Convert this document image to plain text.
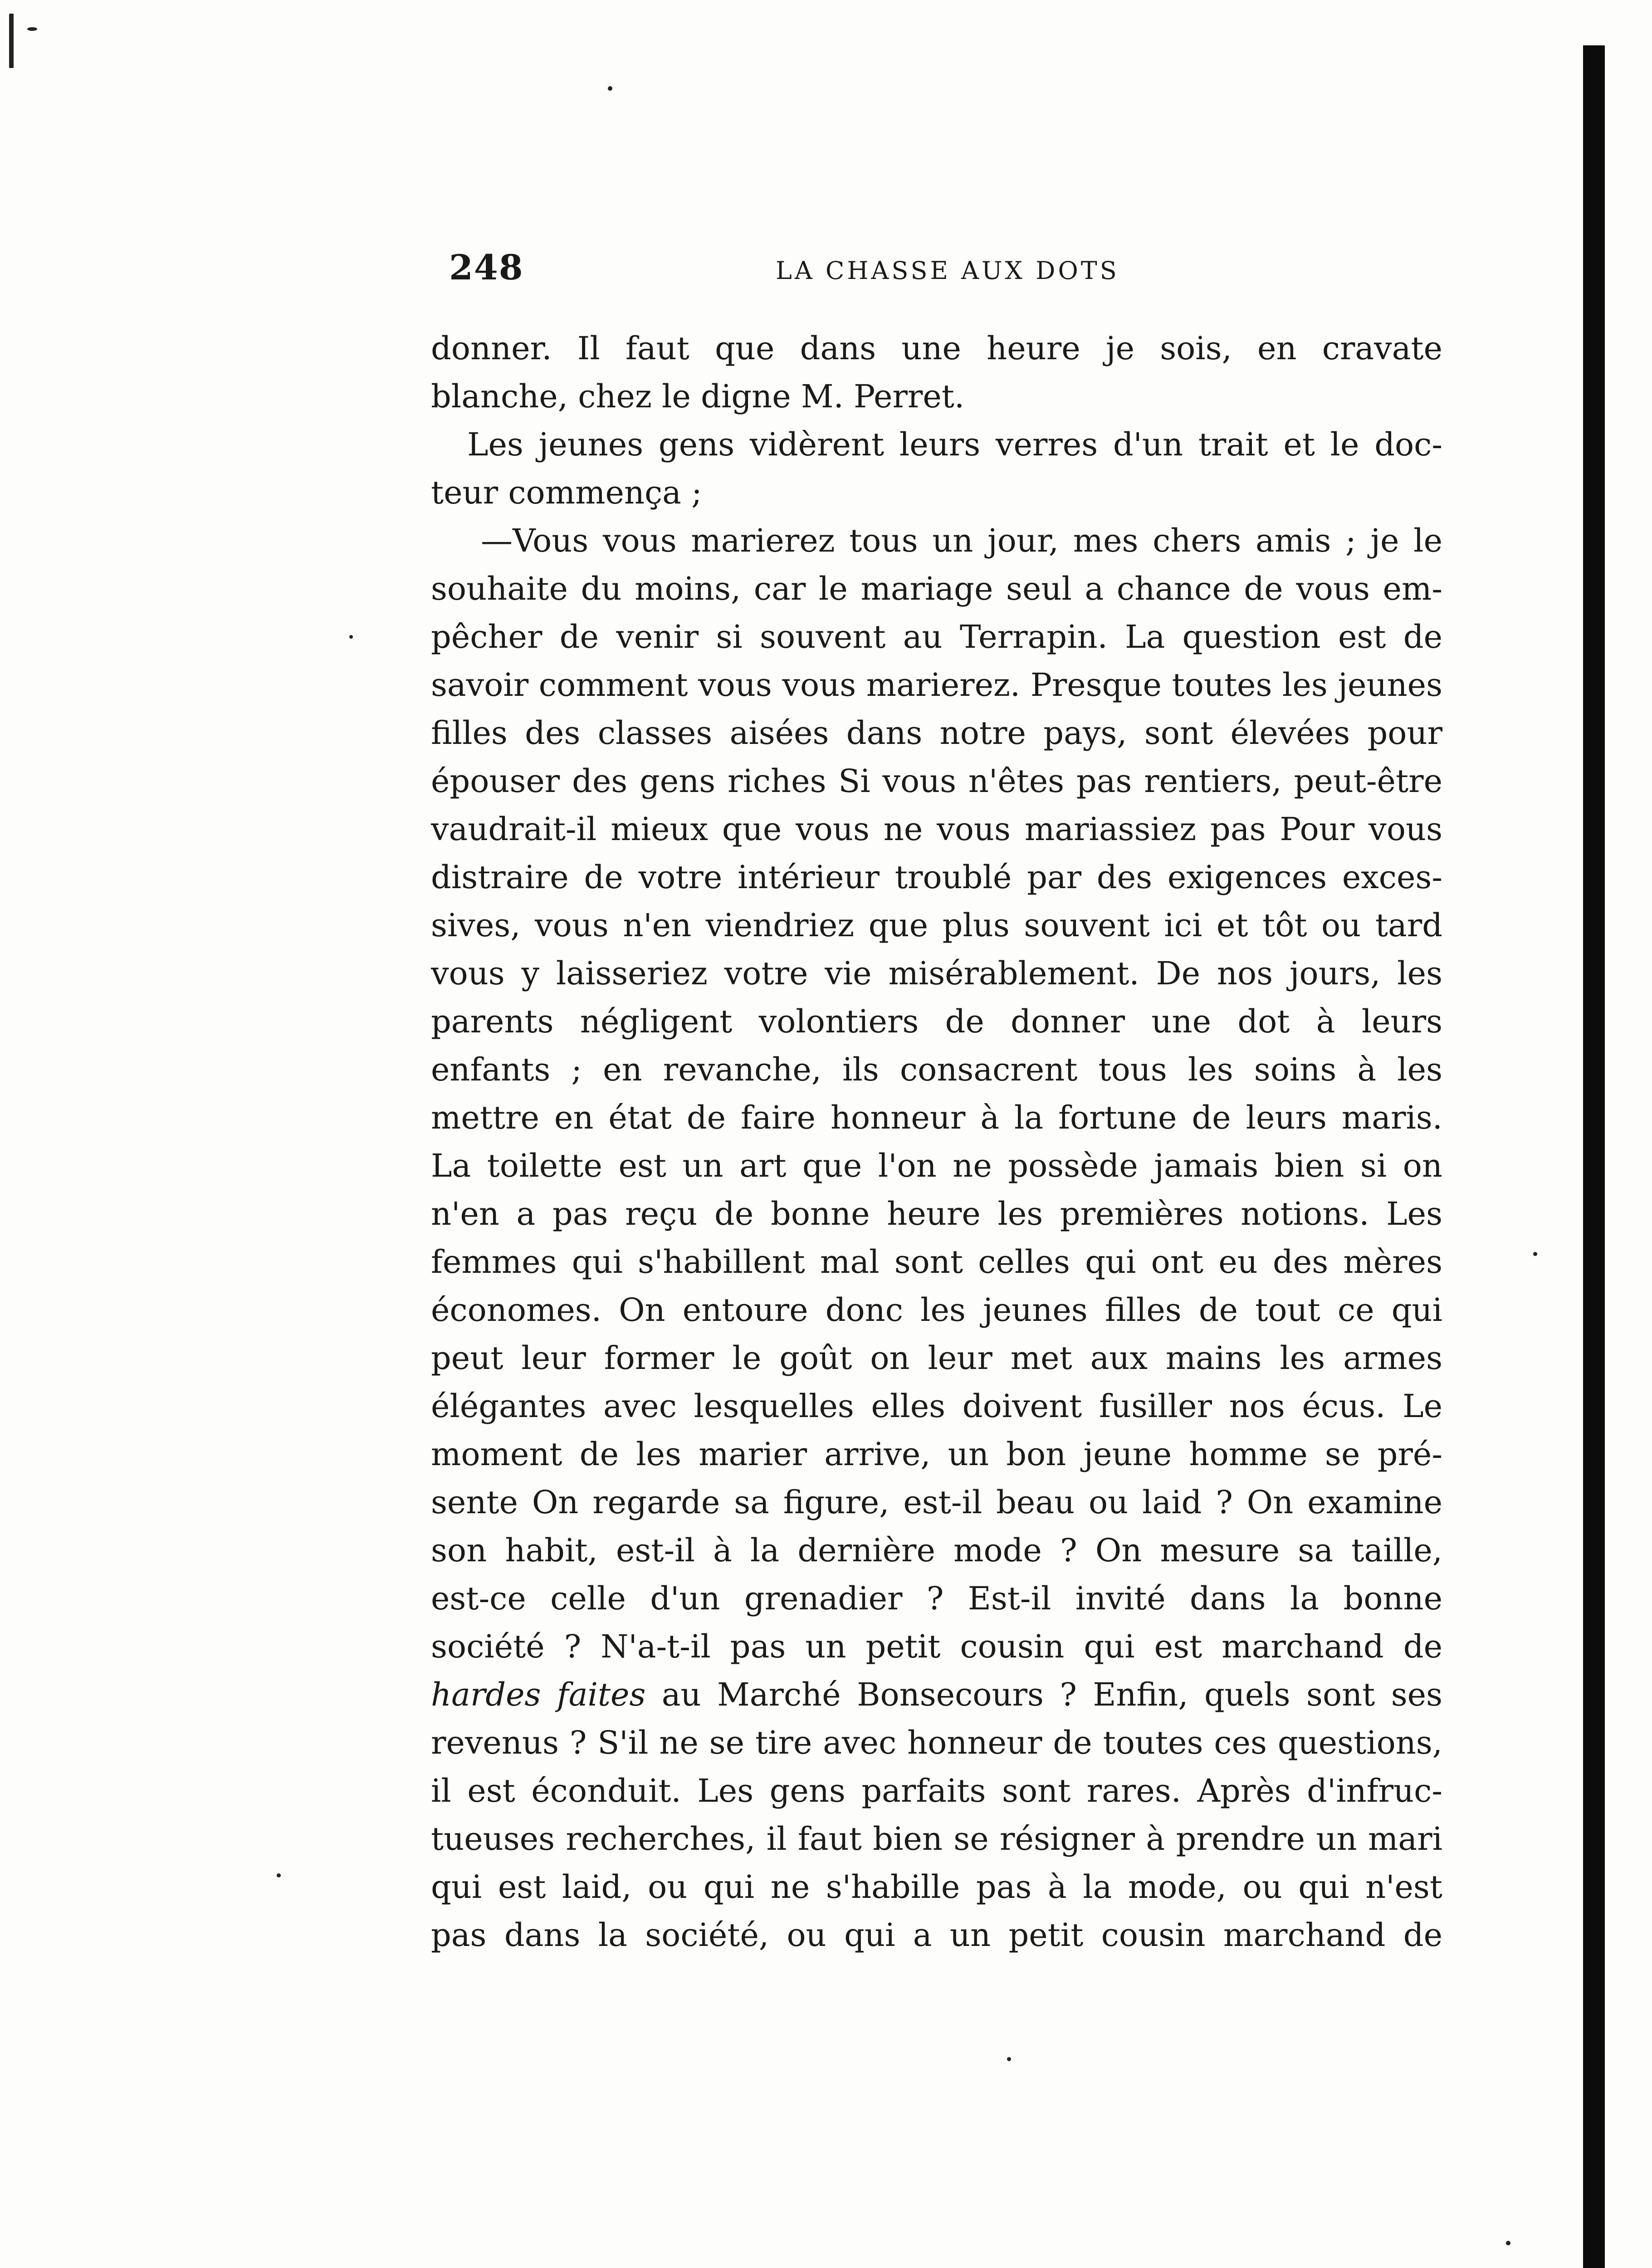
248	LA CHASSE AUX DOTS
donner. Il faut que dans une heure je sois, en cravate
blanche, chez le digne M. Perret.
Les jeunes gens vidèrent leurs verres d'un trait et le doc-
teur commença ;
—Vous vous marierez tous un jour, mes chers amis ; je le
souhaite du moins, car le mariage seul a chance de vous em-
pêcher de venir si souvent au Terrapin. La question est de
savoir comment vous vous marierez. Presque toutes les jeunes
filles des classes aisées dans notre pays, sont élevées pour
épouser des gens riches Si vous n'êtes pas rentiers, peut-être
vaudrait-il mieux que vous ne vous mariassiez pas Pour vous
distraire de votre intérieur troublé par des exigences exces-
sives, vous n'en viendriez que plus souvent ici et tôt ou tard
vous y laisseriez votre vie misérablement. De nos jours, les
parents négligent volontiers de donner une dot à leurs
enfants ; en revanche, ils consacrent tous les soins à les
mettre en état de faire honneur à la fortune de leurs maris.
La toilette est un art que l'on ne possède jamais bien si on
n'en a pas reçu de bonne heure les premières notions. Les
femmes qui s'habillent mal sont celles qui ont eu des mères
économes. On entoure donc les jeunes filles de tout ce qui
peut leur former le goût on leur met aux mains les armes
élégantes avec lesquelles elles doivent fusiller nos écus. Le
moment de les marier arrive, un bon jeune homme se pré-
sente On regarde sa figure, est-il beau ou laid ? On examine
son habit, est-il à la dernière mode ? On mesure sa taille,
est-ce celle d'un grenadier ? Est-il invité dans la bonne
société ? N'a-t-il pas un petit cousin qui est marchand de
hardes faites au Marché Bonsecours ? Enfin, quels sont ses
revenus ? S'il ne se tire avec honneur de toutes ces questions,
il est éconduit. Les gens parfaits sont rares. Après d'infruc-
tueuses recherches, il faut bien se résigner à prendre un mari
qui est laid, ou qui ne s'habille pas à la mode, ou qui n'est
pas dans la société, ou qui a un petit cousin marchand de
